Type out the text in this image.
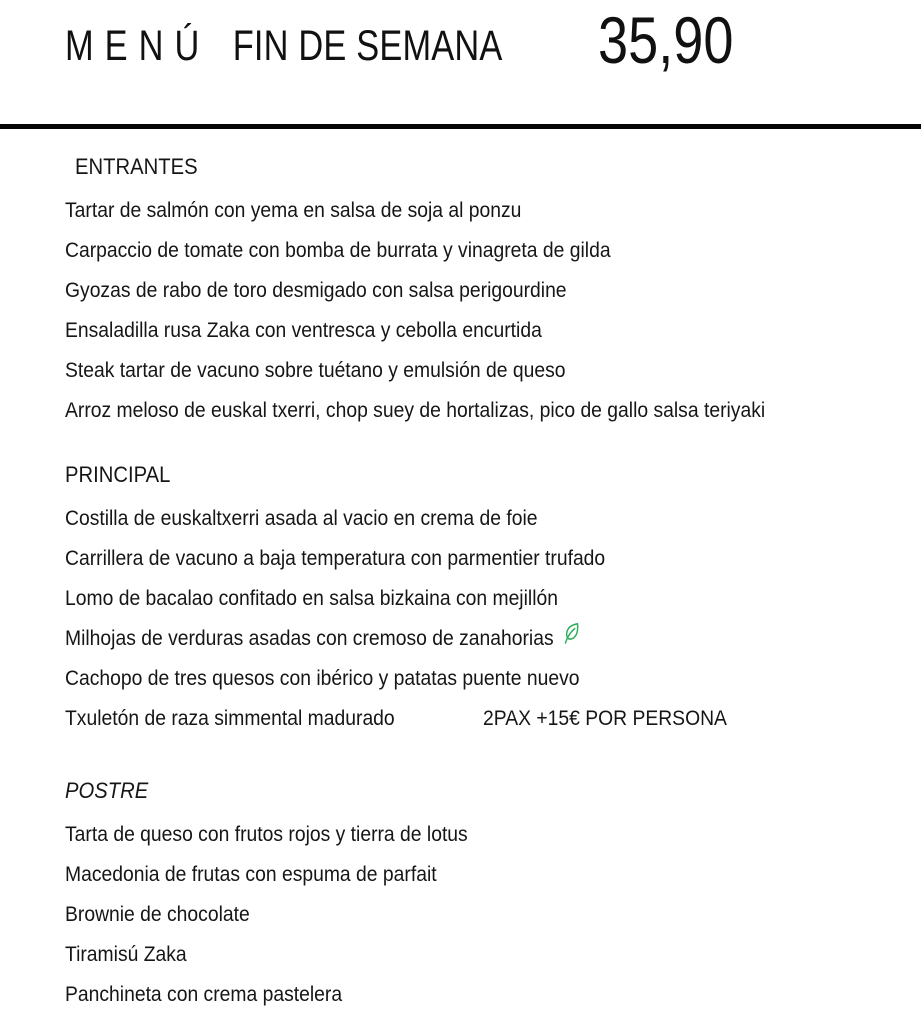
MENÚ FIN DE SEMANA 35,90
ENTRANTES
Tartar de salmón con yema en salsa de soja al ponzu
Carpaccio de tomate con bomba de burrata y vinagreta de gilda
Gyozas de rabo de toro desmigado con salsa perigourdine
Ensaladilla rusa Zaka con ventresca y cebolla encurtida
Steak tartar de vacuno sobre tuétano y emulsión de queso
Arroz meloso de euskal txerri, chop suey de hortalizas, pico de gallo salsa teriyaki
PRINCIPAL
Costilla de euskaltxerri asada al vacio en crema de foie
Carrillera de vacuno a baja temperatura con parmentier trufado
Lomo de bacalao confitado en salsa bizkaina con mejillón
Milhojas de verduras asadas con cremoso de zanahorias
Cachopo de tres quesos con ibérico y patatas puente nuevo
Txuletón de raza simmental madurado	2PAX +15€ POR PERSONA
POSTRE
Tarta de queso con frutos rojos y tierra de lotus
Macedonia de frutas con espuma de parfait
Brownie de chocolate
Tiramisú Zaka
Panchineta con crema pastelera
